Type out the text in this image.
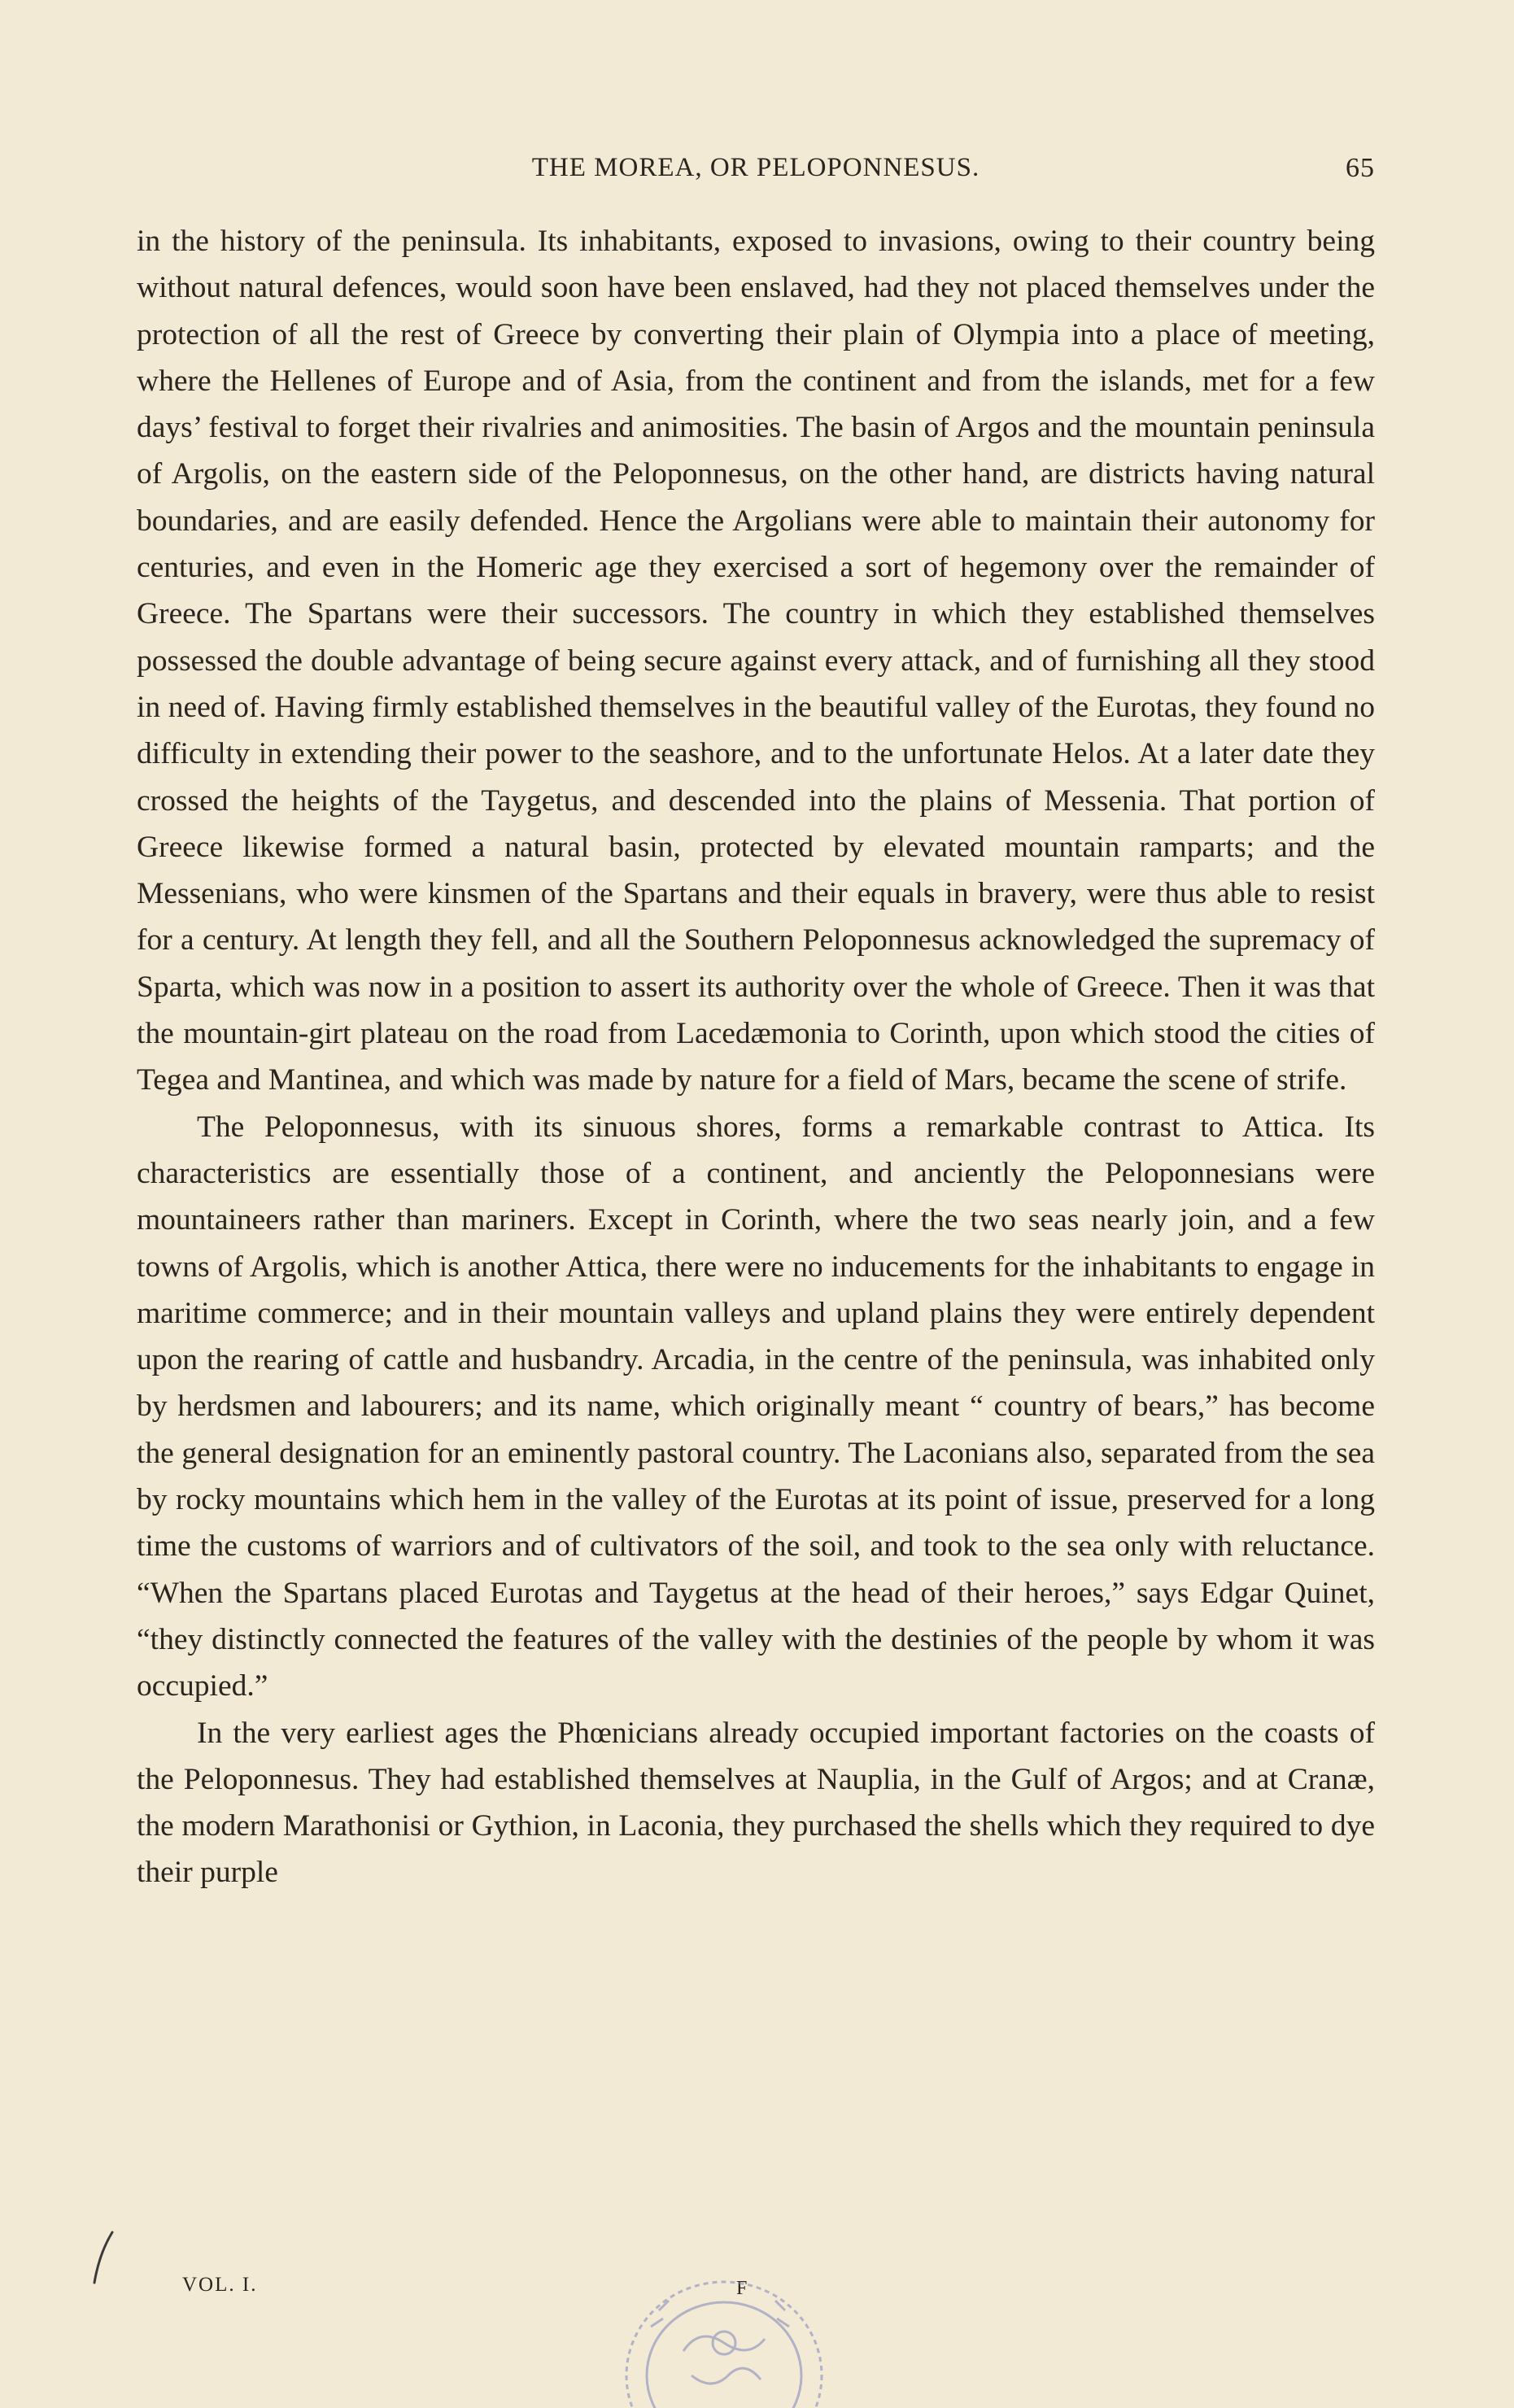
THE MOREA, OR PELOPONNESUS.	65

in the history of the peninsula. Its inhabitants, exposed to invasions, owing to their country being without natural defences, would soon have been enslaved, had they not placed themselves under the protection of all the rest of Greece by converting their plain of Olympia into a place of meeting, where the Hellenes of Europe and of Asia, from the continent and from the islands, met for a few days’ festival to forget their rivalries and animosities. The basin of Argos and the mountain peninsula of Argolis, on the eastern side of the Peloponnesus, on the other hand, are districts having natural boundaries, and are easily defended. Hence the Argolians were able to maintain their autonomy for centuries, and even in the Homeric age they exercised a sort of hegemony over the remainder of Greece. The Spartans were their successors. The country in which they established themselves possessed the double advantage of being secure against every attack, and of furnishing all they stood in need of. Having firmly established themselves in the beautiful valley of the Eurotas, they found no difficulty in extending their power to the seashore, and to the unfortunate Helos. At a later date they crossed the heights of the Taygetus, and descended into the plains of Messenia. That portion of Greece likewise formed a natural basin, protected by elevated mountain ramparts; and the Messenians, who were kinsmen of the Spartans and their equals in bravery, were thus able to resist for a century. At length they fell, and all the Southern Peloponnesus acknowledged the supremacy of Sparta, which was now in a position to assert its authority over the whole of Greece. Then it was that the mountain-girt plateau on the road from Lacedæmonia to Corinth, upon which stood the cities of Tegea and Mantinea, and which was made by nature for a field of Mars, became the scene of strife.

The Peloponnesus, with its sinuous shores, forms a remarkable contrast to Attica. Its characteristics are essentially those of a continent, and anciently the Peloponnesians were mountaineers rather than mariners. Except in Corinth, where the two seas nearly join, and a few towns of Argolis, which is another Attica, there were no inducements for the inhabitants to engage in maritime commerce; and in their mountain valleys and upland plains they were entirely dependent upon the rearing of cattle and husbandry. Arcadia, in the centre of the peninsula, was inhabited only by herdsmen and labourers; and its name, which originally meant “ country of bears,” has become the general designation for an eminently pastoral country. The Laconians also, separated from the sea by rocky mountains which hem in the valley of the Eurotas at its point of issue, preserved for a long time the customs of warriors and of cultivators of the soil, and took to the sea only with reluctance. “When the Spartans placed Eurotas and Taygetus at the head of their heroes,” says Edgar Quinet, “they distinctly connected the features of the valley with the destinies of the people by whom it was occupied.”

In the very earliest ages the Phœnicians already occupied important factories on the coasts of the Peloponnesus. They had established themselves at Nauplia, in the Gulf of Argos; and at Cranæ, the modern Marathonisi or Gythion, in Laconia, they purchased the shells which they required to dye their purple

VOL. I.	F
